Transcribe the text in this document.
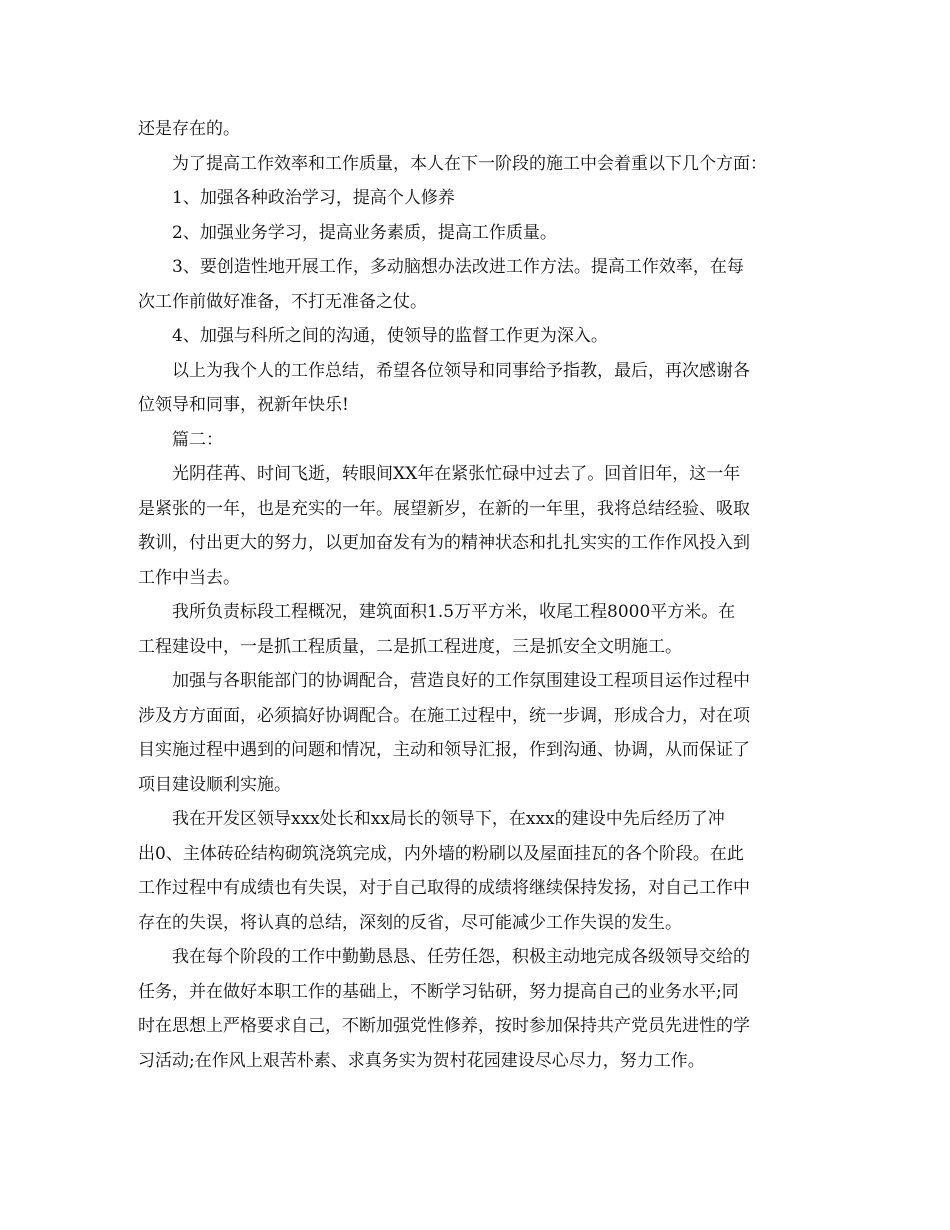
还是存在的。
为了提高工作效率和工作质量，本人在下一阶段的施工中会着重以下几个方面：
1、加强各种政治学习，提高个人修养
2、加强业务学习，提高业务素质，提高工作质量。
3、要创造性地开展工作，多动脑想办法改进工作方法。提高工作效率，在每
次工作前做好准备，不打无准备之仗。
4、加强与科所之间的沟通，使领导的监督工作更为深入。
以上为我个人的工作总结，希望各位领导和同事给予指教，最后，再次感谢各
位领导和同事，祝新年快乐!
篇二：
光阴荏苒、时间飞逝，转眼间XX年在紧张忙碌中过去了。回首旧年，这一年
是紧张的一年，也是充实的一年。展望新岁，在新的一年里，我将总结经验、吸取
教训，付出更大的努力，以更加奋发有为的精神状态和扎扎实实的工作作风投入到
工作中当去。
我所负责标段工程概况，建筑面积1.5万平方米，收尾工程8000平方米。在
工程建设中，一是抓工程质量，二是抓工程进度，三是抓安全文明施工。
加强与各职能部门的协调配合，营造良好的工作氛围建设工程项目运作过程中
涉及方方面面，必须搞好协调配合。在施工过程中，统一步调，形成合力，对在项
目实施过程中遇到的问题和情况，主动和领导汇报，作到沟通、协调，从而保证了
项目建设顺利实施。
我在开发区领导xxx处长和xx局长的领导下，在xxx的建设中先后经历了冲
出0、主体砖砼结构砌筑浇筑完成，内外墙的粉刷以及屋面挂瓦的各个阶段。在此
工作过程中有成绩也有失误，对于自己取得的成绩将继续保持发扬，对自己工作中
存在的失误，将认真的总结，深刻的反省，尽可能减少工作失误的发生。
我在每个阶段的工作中勤勤恳恳、任劳任怨，积极主动地完成各级领导交给的
任务，并在做好本职工作的基础上，不断学习钻研，努力提高自己的业务水平;同
时在思想上严格要求自己，不断加强党性修养，按时参加保持共产党员先进性的学
习活动;在作风上艰苦朴素、求真务实为贺村花园建设尽心尽力，努力工作。
